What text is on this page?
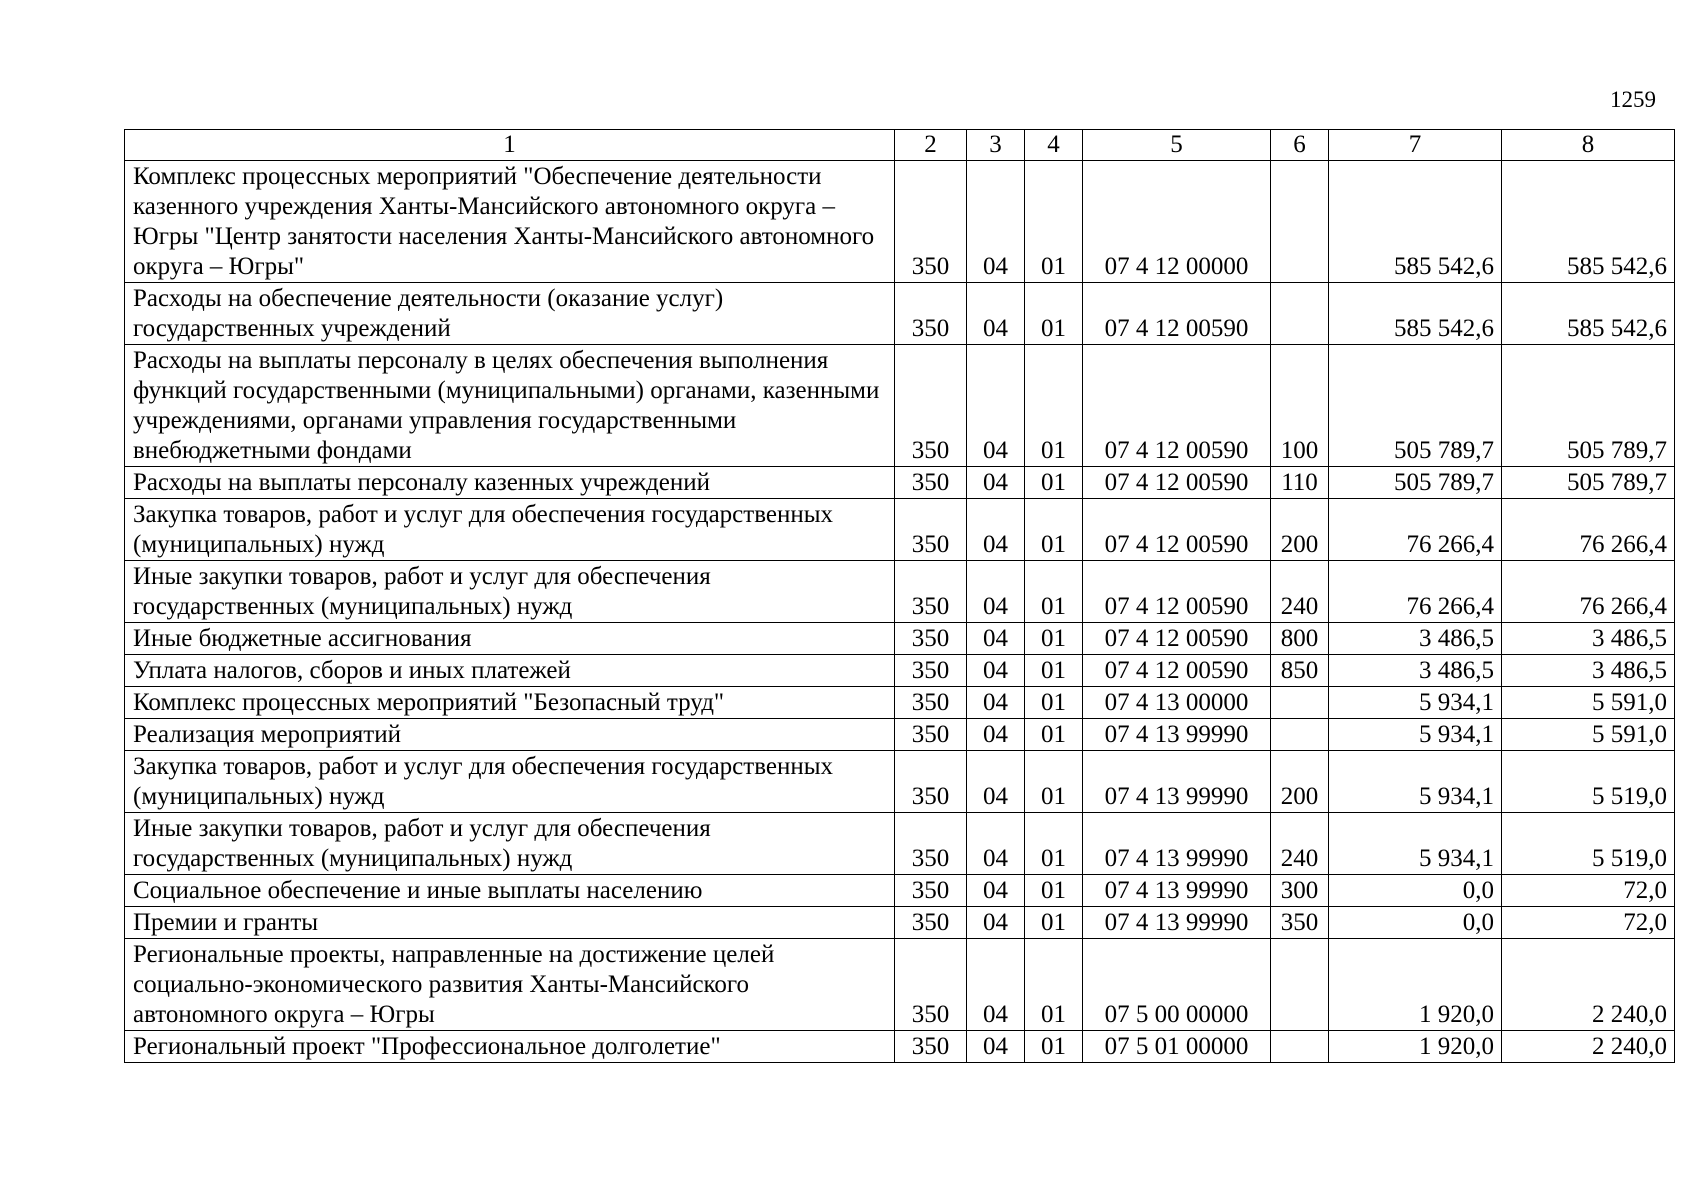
1259
1	2	3	4	5	6	7	8
Комплекс процессных мероприятий "Обеспечение деятельности казенного учреждения Ханты-Мансийского автономного округа – Югры "Центр занятости населения Ханты-Мансийского автономного округа – Югры"	350	04	01	07 4 12 00000		585 542,6	585 542,6
Расходы на обеспечение деятельности (оказание услуг) государственных учреждений	350	04	01	07 4 12 00590		585 542,6	585 542,6
Расходы на выплаты персоналу в целях обеспечения выполнения функций государственными (муниципальными) органами, казенными учреждениями, органами управления государственными внебюджетными фондами	350	04	01	07 4 12 00590	100	505 789,7	505 789,7
Расходы на выплаты персоналу казенных учреждений	350	04	01	07 4 12 00590	110	505 789,7	505 789,7
Закупка товаров, работ и услуг для обеспечения государственных (муниципальных) нужд	350	04	01	07 4 12 00590	200	76 266,4	76 266,4
Иные закупки товаров, работ и услуг для обеспечения государственных (муниципальных) нужд	350	04	01	07 4 12 00590	240	76 266,4	76 266,4
Иные бюджетные ассигнования	350	04	01	07 4 12 00590	800	3 486,5	3 486,5
Уплата налогов, сборов и иных платежей	350	04	01	07 4 12 00590	850	3 486,5	3 486,5
Комплекс процессных мероприятий "Безопасный труд"	350	04	01	07 4 13 00000		5 934,1	5 591,0
Реализация мероприятий	350	04	01	07 4 13 99990		5 934,1	5 591,0
Закупка товаров, работ и услуг для обеспечения государственных (муниципальных) нужд	350	04	01	07 4 13 99990	200	5 934,1	5 519,0
Иные закупки товаров, работ и услуг для обеспечения государственных (муниципальных) нужд	350	04	01	07 4 13 99990	240	5 934,1	5 519,0
Социальное обеспечение и иные выплаты населению	350	04	01	07 4 13 99990	300	0,0	72,0
Премии и гранты	350	04	01	07 4 13 99990	350	0,0	72,0
Региональные проекты, направленные на достижение целей социально-экономического развития Ханты-Мансийского автономного округа – Югры	350	04	01	07 5 00 00000		1 920,0	2 240,0
Региональный проект "Профессиональное долголетие"	350	04	01	07 5 01 00000		1 920,0	2 240,0
